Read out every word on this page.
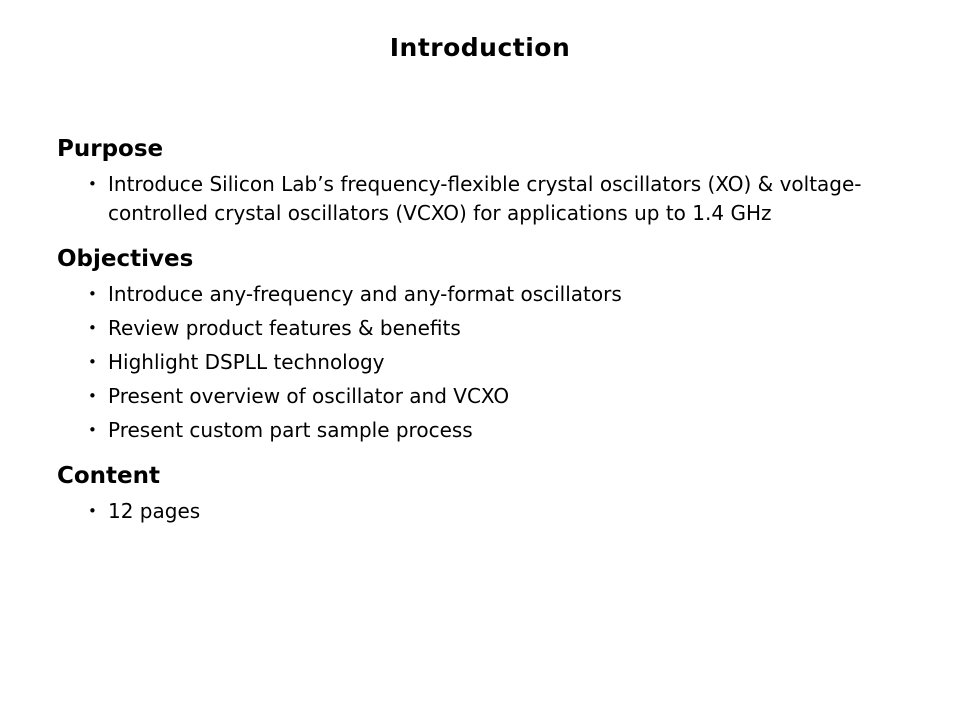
Introduction
Purpose
• Introduce Silicon Lab’s frequency-flexible crystal oscillators (XO) & voltage-controlled crystal oscillators (VCXO) for applications up to 1.4 GHz
Objectives
• Introduce any-frequency and any-format oscillators
• Review product features & benefits
• Highlight DSPLL technology
• Present overview of oscillator and VCXO
• Present custom part sample process
Content
• 12 pages
